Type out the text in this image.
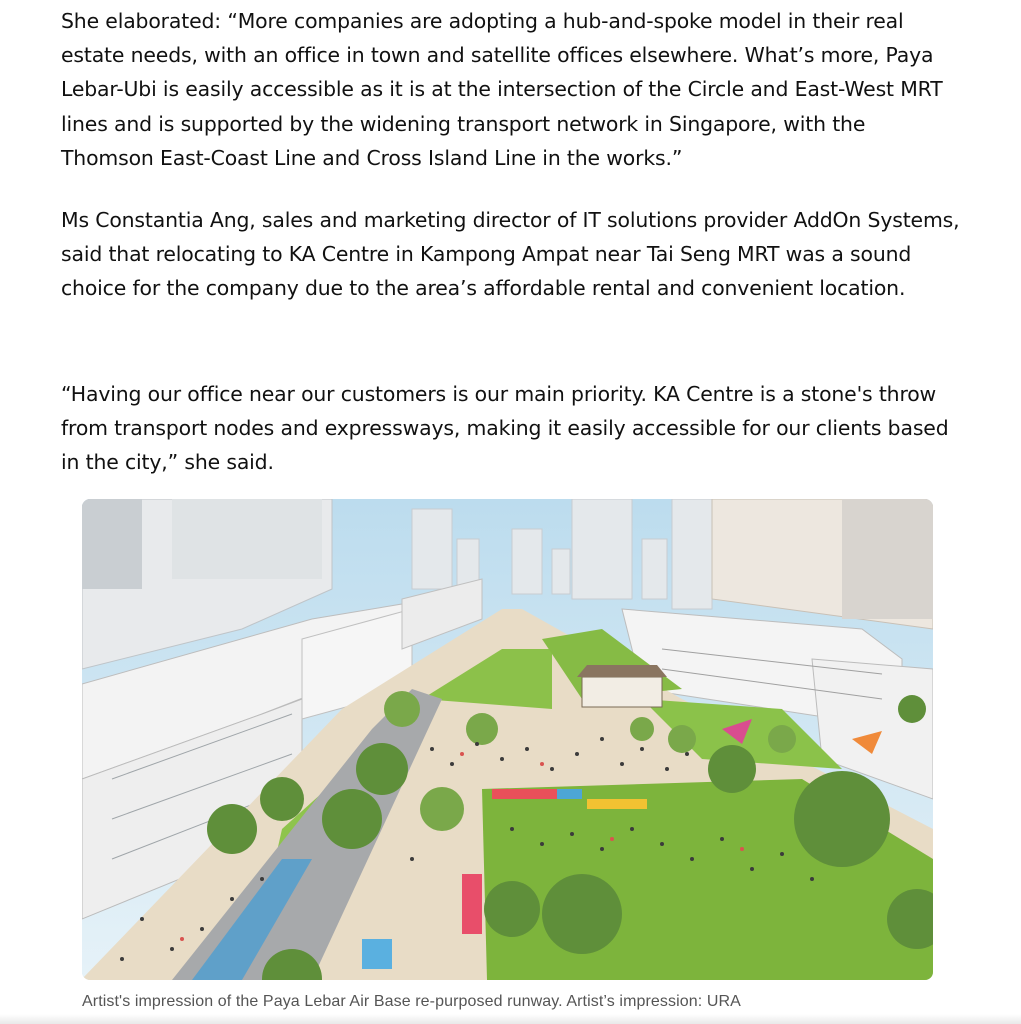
She elaborated: “More companies are adopting a hub-and-spoke model in their real estate needs, with an office in town and satellite offices elsewhere. What’s more, Paya Lebar-Ubi is easily accessible as it is at the intersection of the Circle and East-West MRT lines and is supported by the widening transport network in Singapore, with the Thomson East-Coast Line and Cross Island Line in the works.”

Ms Constantia Ang, sales and marketing director of IT solutions provider AddOn Systems, said that relocating to KA Centre in Kampong Ampat near Tai Seng MRT was a sound choice for the company due to the area’s affordable rental and convenient location.

“Having our office near our customers is our main priority. KA Centre is a stone's throw from transport nodes and expressways, making it easily accessible for our clients based in the city,” she said.

Artist's impression of the Paya Lebar Air Base re-purposed runway. Artist’s impression: URA
